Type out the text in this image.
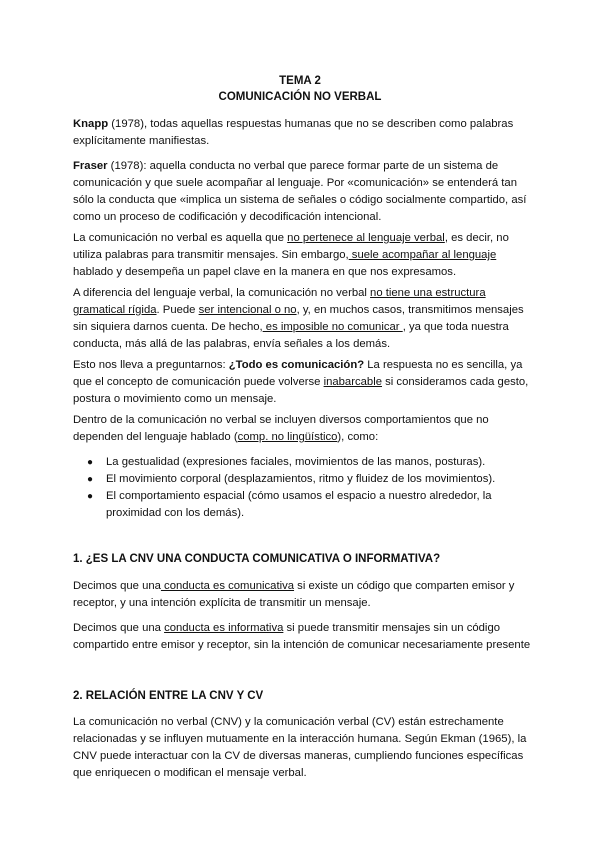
TEMA 2
COMUNICACIÓN NO VERBAL

Knapp (1978), todas aquellas respuestas humanas que no se describen como palabras explícitamente manifiestas.

Fraser (1978): aquella conducta no verbal que parece formar parte de un sistema de comunicación y que suele acompañar al lenguaje. Por «comunicación» se entenderá tan sólo la conducta que «implica un sistema de señales o código socialmente compartido, así como un proceso de codificación y decodificación intencional.

La comunicación no verbal es aquella que no pertenece al lenguaje verbal, es decir, no utiliza palabras para transmitir mensajes. Sin embargo, suele acompañar al lenguaje hablado y desempeña un papel clave en la manera en que nos expresamos.

A diferencia del lenguaje verbal, la comunicación no verbal no tiene una estructura gramatical rígida. Puede ser intencional o no, y, en muchos casos, transmitimos mensajes sin siquiera darnos cuenta. De hecho, es imposible no comunicar , ya que toda nuestra conducta, más allá de las palabras, envía señales a los demás.

Esto nos lleva a preguntarnos: ¿Todo es comunicación? La respuesta no es sencilla, ya que el concepto de comunicación puede volverse inabarcable si consideramos cada gesto, postura o movimiento como un mensaje.

Dentro de la comunicación no verbal se incluyen diversos comportamientos que no dependen del lenguaje hablado (comp. no lingüístico), como:

● La gestualidad (expresiones faciales, movimientos de las manos, posturas).
● El movimiento corporal (desplazamientos, ritmo y fluidez de los movimientos).
● El comportamiento espacial (cómo usamos el espacio a nuestro alrededor, la proximidad con los demás).
1. ¿ES LA CNV UNA CONDUCTA COMUNICATIVA O INFORMATIVA?

Decimos que una conducta es comunicativa si existe un código que comparten emisor y receptor, y una intención explícita de transmitir un mensaje.

Decimos que una conducta es informativa si puede transmitir mensajes sin un código compartido entre emisor y receptor, sin la intención de comunicar necesariamente presente

2. RELACIÓN ENTRE LA CNV Y CV

La comunicación no verbal (CNV) y la comunicación verbal (CV) están estrechamente relacionadas y se influyen mutuamente en la interacción humana. Según Ekman (1965), la CNV puede interactuar con la CV de diversas maneras, cumpliendo funciones específicas que enriquecen o modifican el mensaje verbal.
